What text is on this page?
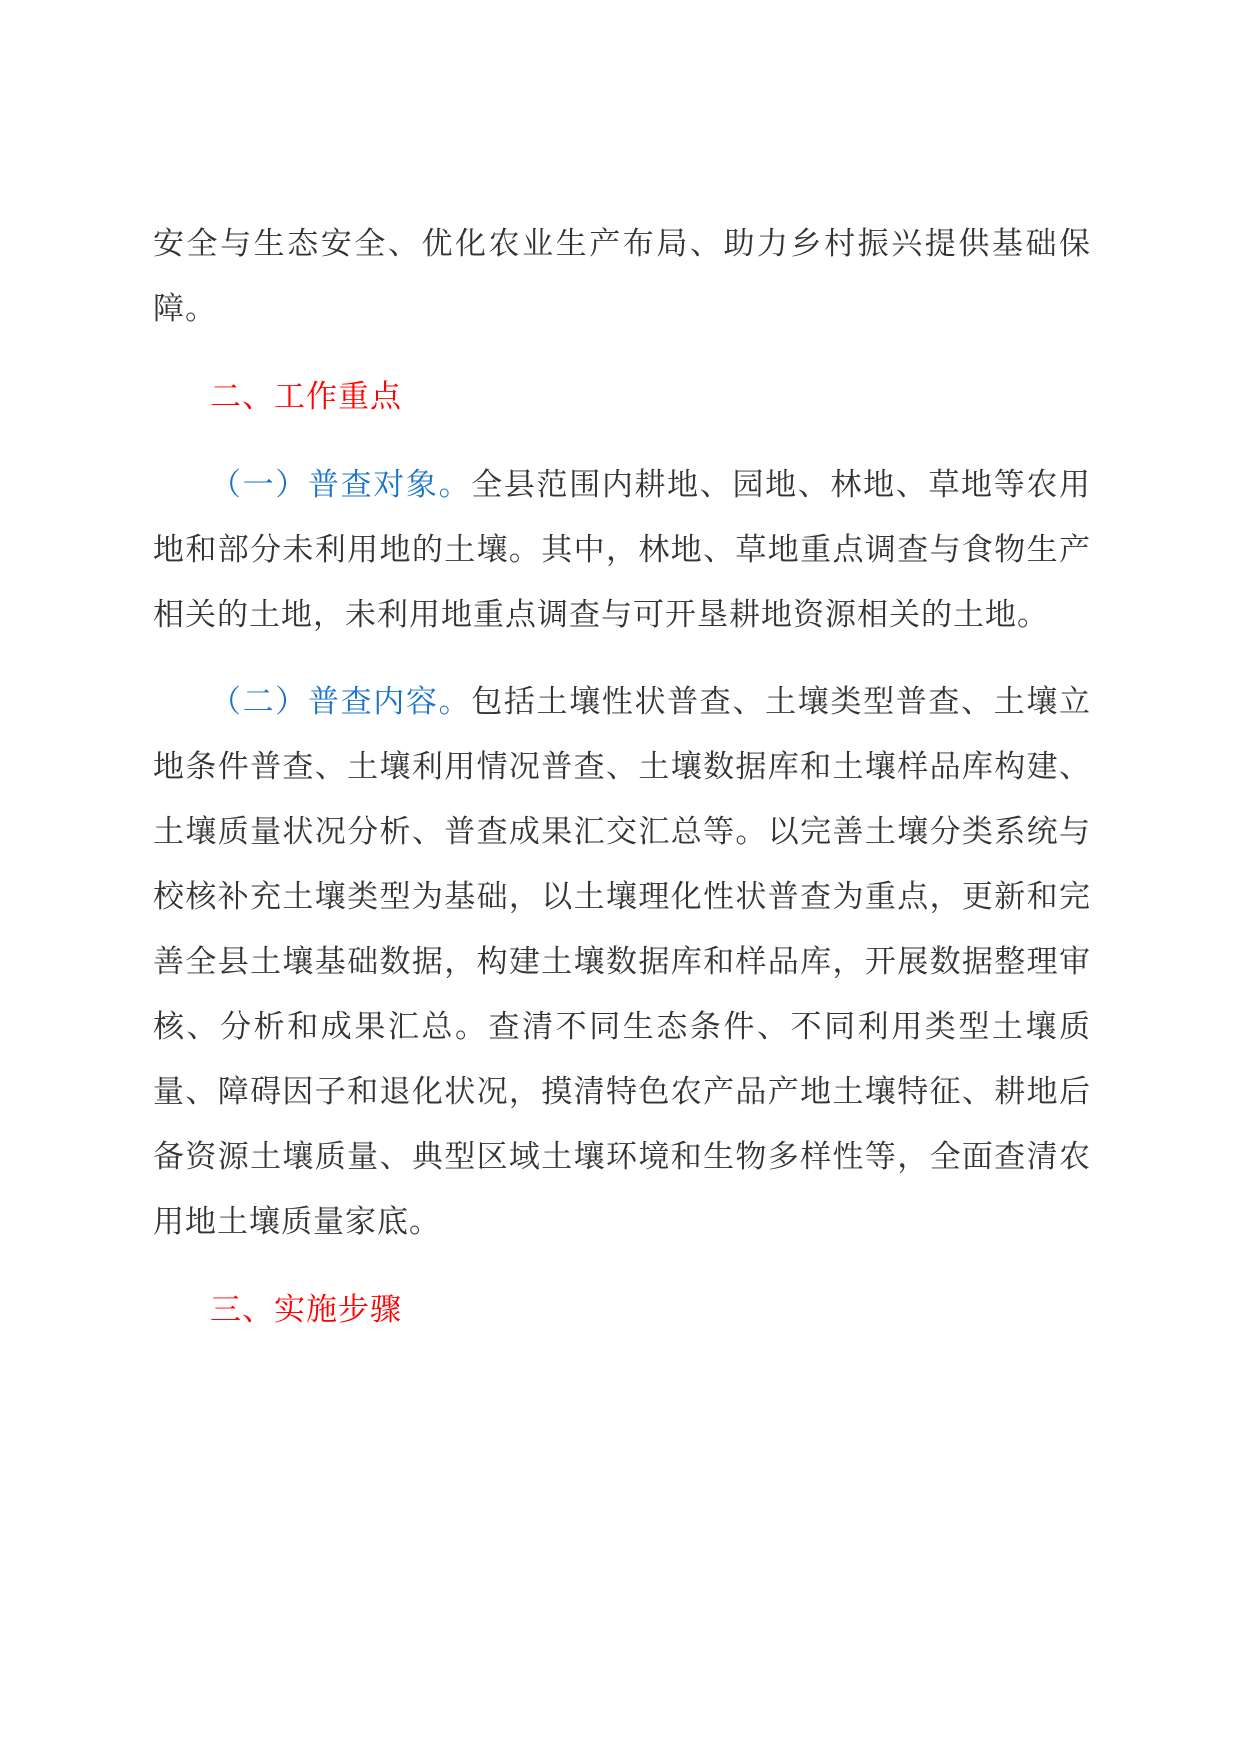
安全与生态安全、优化农业生产布局、助力乡村振兴提供基础保障。

二、工作重点

（一）普查对象。全县范围内耕地、园地、林地、草地等农用地和部分未利用地的土壤。其中，林地、草地重点调查与食物生产相关的土地，未利用地重点调查与可开垦耕地资源相关的土地。

（二）普查内容。包括土壤性状普查、土壤类型普查、土壤立地条件普查、土壤利用情况普查、土壤数据库和土壤样品库构建、土壤质量状况分析、普查成果汇交汇总等。以完善土壤分类系统与校核补充土壤类型为基础，以土壤理化性状普查为重点，更新和完善全县土壤基础数据，构建土壤数据库和样品库，开展数据整理审核、分析和成果汇总。查清不同生态条件、不同利用类型土壤质量、障碍因子和退化状况，摸清特色农产品产地土壤特征、耕地后备资源土壤质量、典型区域土壤环境和生物多样性等，全面查清农用地土壤质量家底。

三、实施步骤
